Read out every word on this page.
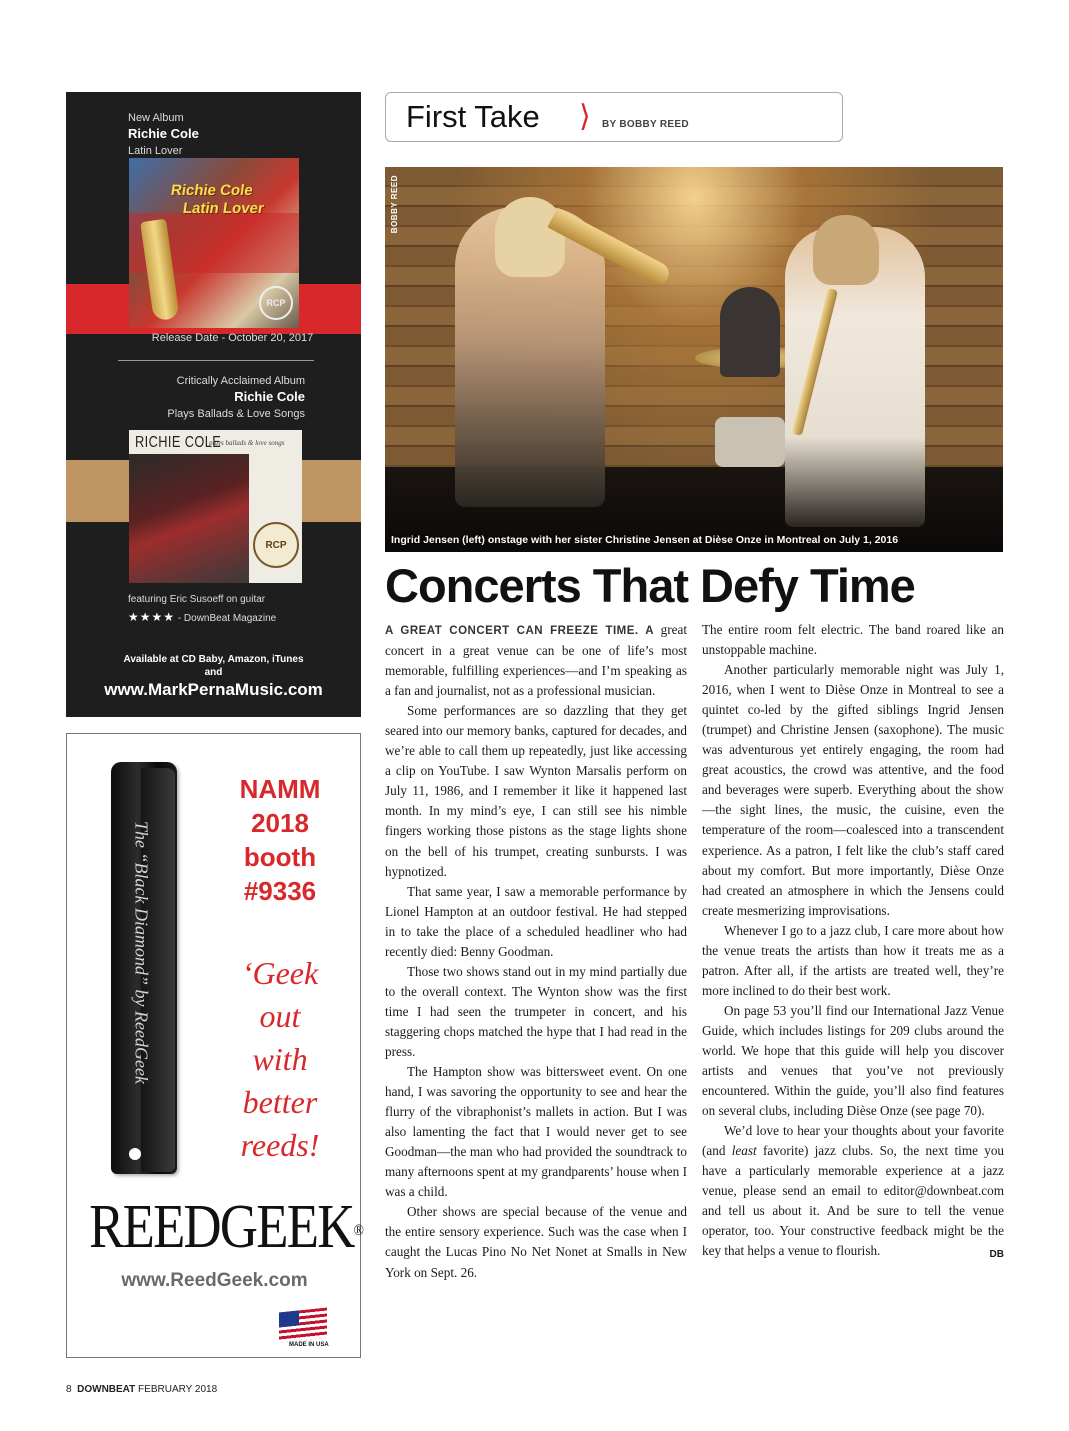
New Album
Richie Cole
Latin Lover
Richie Cole
Latin Lover
RCP
Release Date - October 20, 2017
Critically Acclaimed Album
Richie Cole
Plays Ballads & Love Songs
RICHIE COLE
plays ballads & love songs
RCP
featuring Eric Susoeff on guitar
★★★★ - DownBeat Magazine
Available at CD Baby, Amazon, iTunes
and
www.MarkPernaMusic.com
The “Black Diamond” by ReedGeek
NAMM
2018
booth
#9336
‘Geek
out
with
better
reeds!
REEDGEEK®
www.ReedGeek.com
MADE IN USA
First Take ⟩ BY BOBBY REED
BOBBY REED
Ingrid Jensen (left) onstage with her sister Christine Jensen at Dièse Onze in Montreal on July 1, 2016
Concerts That Defy Time

A GREAT CONCERT CAN FREEZE TIME. A great concert in a great venue can be one of life’s most memorable, fulfilling experiences—and I’m speaking as a fan and journalist, not as a professional musician.

Some performances are so dazzling that they get seared into our memory banks, captured for decades, and we’re able to call them up repeatedly, just like accessing a clip on YouTube. I saw Wynton Marsalis perform on July 11, 1986, and I remember it like it happened last month. In my mind’s eye, I can still see his nimble fingers working those pistons as the stage lights shone on the bell of his trumpet, creating sunbursts. I was hypnotized.

That same year, I saw a memorable performance by Lionel Hampton at an outdoor festival. He had stepped in to take the place of a scheduled headliner who had recently died: Benny Goodman.

Those two shows stand out in my mind partially due to the overall context. The Wynton show was the first time I had seen the trumpeter in concert, and his staggering chops matched the hype that I had read in the press.

The Hampton show was bittersweet event. On one hand, I was savoring the opportunity to see and hear the flurry of the vibraphonist’s mallets in action. But I was also lamenting the fact that I would never get to see Goodman—the man who had provided the soundtrack to many afternoons spent at my grandparents’ house when I was a child.

Other shows are special because of the venue and the entire sensory experience. Such was the case when I caught the Lucas Pino No Net Nonet at Smalls in New York on Sept. 26.

The entire room felt electric. The band roared like an unstoppable machine.

Another particularly memorable night was July 1, 2016, when I went to Dièse Onze in Montreal to see a quintet co-led by the gifted siblings Ingrid Jensen (trumpet) and Christine Jensen (saxophone). The music was adventurous yet entirely engaging, the room had great acoustics, the crowd was attentive, and the food and beverages were superb. Everything about the show—the sight lines, the music, the cuisine, even the temperature of the room—coalesced into a transcendent experience. As a patron, I felt like the club’s staff cared about my comfort. But more importantly, Dièse Onze had created an atmosphere in which the Jensens could create mesmerizing improvisations.

Whenever I go to a jazz club, I care more about how the venue treats the artists than how it treats me as a patron. After all, if the artists are treated well, they’re more inclined to do their best work.

On page 53 you’ll find our International Jazz Venue Guide, which includes listings for 209 clubs around the world. We hope that this guide will help you discover artists and venues that you’ve not previously encountered. Within the guide, you’ll also find features on several clubs, including Dièse Onze (see page 70).

We’d love to hear your thoughts about your favorite (and least favorite) jazz clubs. So, the next time you have a particularly memorable experience at a jazz venue, please send an email to editor@downbeat.com and tell us about it. And be sure to tell the venue operator, too. Your constructive feedback might be the key that helps a venue to flourish.	DB

8 DOWNBEAT FEBRUARY 2018
